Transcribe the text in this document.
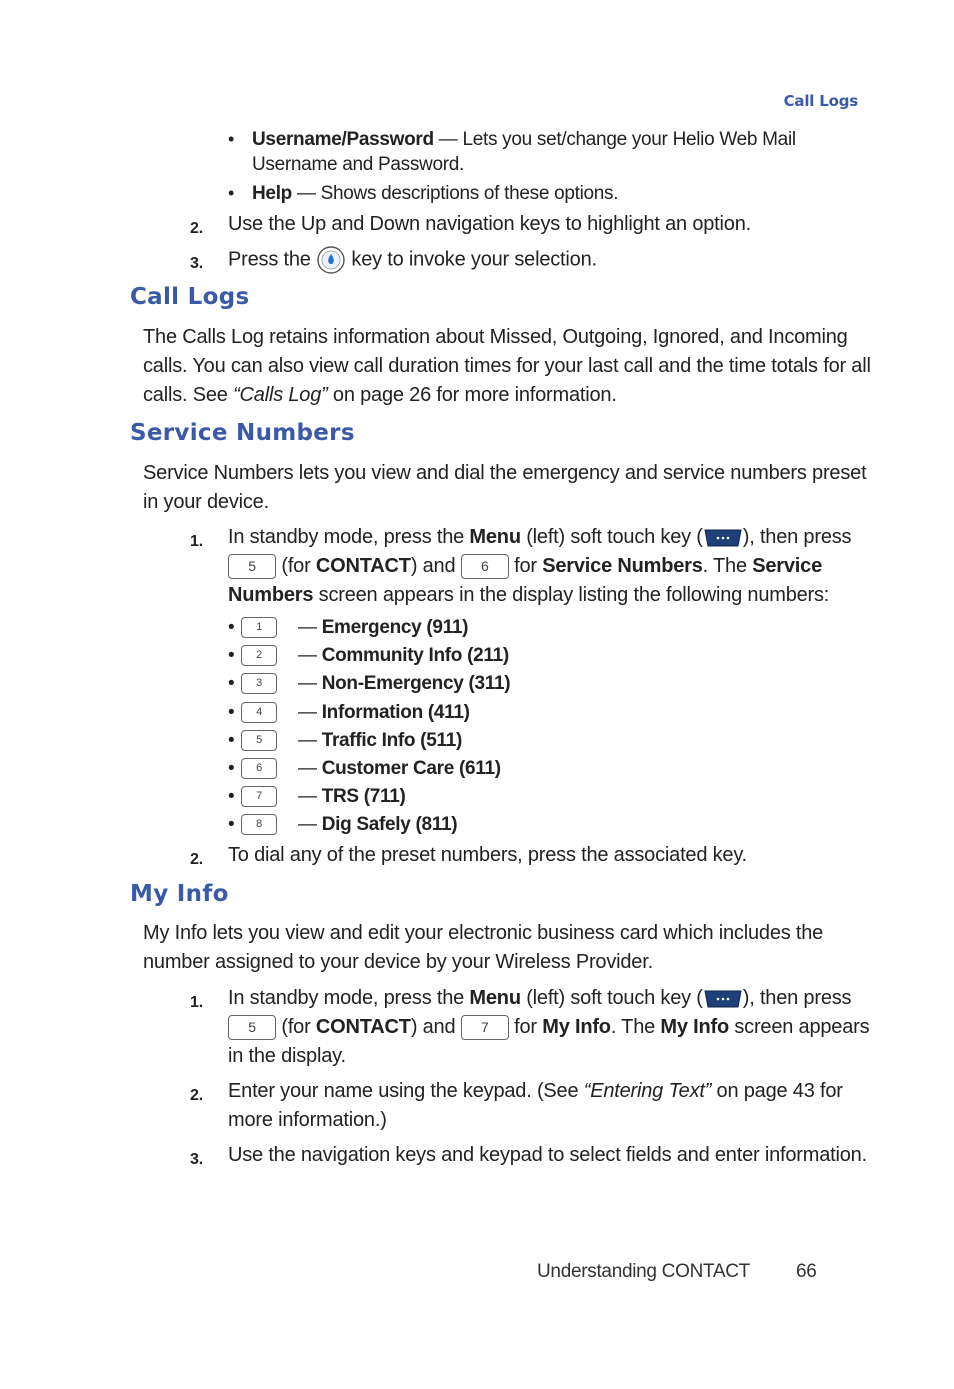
Call Logs
• Username/Password — Lets you set/change your Helio Web Mail Username and Password.
• Help — Shows descriptions of these options.
2. Use the Up and Down navigation keys to highlight an option.
3. Press the  key to invoke your selection.
Call Logs
The Calls Log retains information about Missed, Outgoing, Ignored, and Incoming calls. You can also view call duration times for your last call and the time totals for all calls. See “Calls Log” on page 26 for more information.
Service Numbers
Service Numbers lets you view and dial the emergency and service numbers preset in your device.
1. In standby mode, press the Menu (left) soft touch key ( ), then press 5 (for CONTACT) and 6 for Service Numbers. The Service Numbers screen appears in the display listing the following numbers:
•	1	— Emergency (911)
•	2	— Community Info (211)
•	3	— Non-Emergency (311)
•	4	— Information (411)
•	5	— Traffic Info (511)
•	6	— Customer Care (611)
•	7	— TRS (711)
•	8	— Dig Safely (811)
2. To dial any of the preset numbers, press the associated key.
My Info
My Info lets you view and edit your electronic business card which includes the number assigned to your device by your Wireless Provider.
1. In standby mode, press the Menu (left) soft touch key ( ), then press 5 (for CONTACT) and 7 for My Info. The My Info screen appears in the display.
2. Enter your name using the keypad. (See “Entering Text” on page 43 for more information.)
3. Use the navigation keys and keypad to select fields and enter information.
Understanding CONTACT 66
